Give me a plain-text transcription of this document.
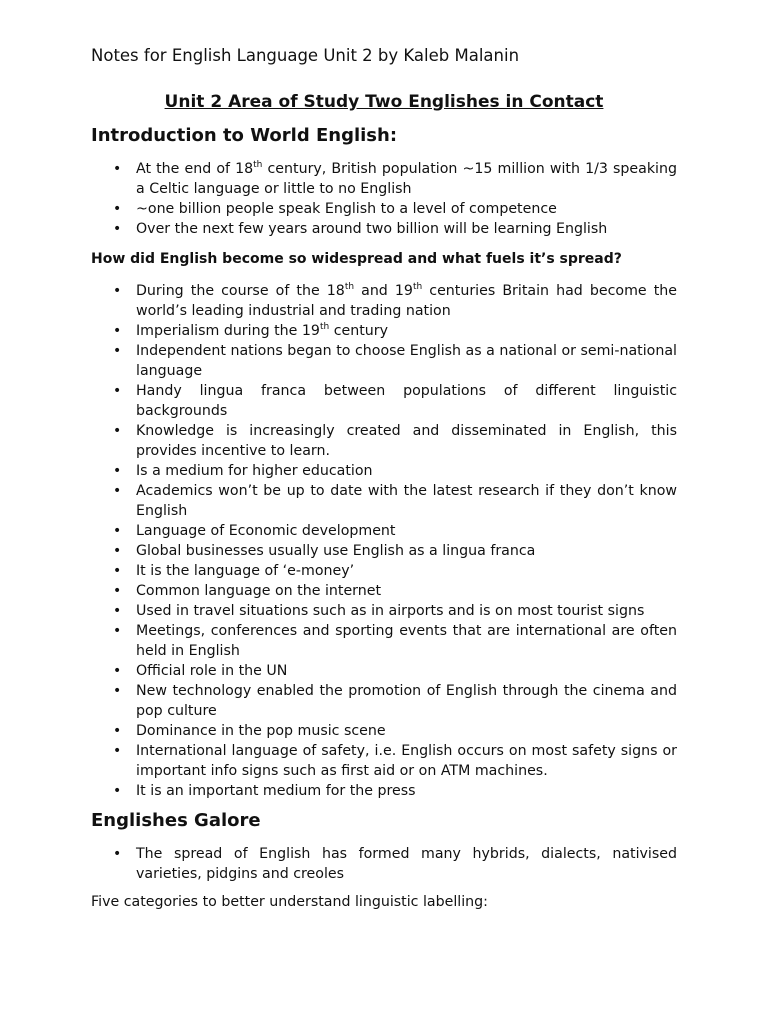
Notes for English Language Unit 2 by Kaleb Malanin

Unit 2 Area of Study Two Englishes in Contact
Introduction to World English:
• At the end of 18th century, British population ~15 million with 1/3 speaking a Celtic language or little to no English
• ~one billion people speak English to a level of competence
• Over the next few years around two billion will be learning English
How did English become so widespread and what fuels it’s spread?
• During the course of the 18th and 19th centuries Britain had become the world’s leading industrial and trading nation
• Imperialism during the 19th century
• Independent nations began to choose English as a national or semi-national language
• Handy lingua franca between populations of different linguistic backgrounds
• Knowledge is increasingly created and disseminated in English, this provides incentive to learn.
• Is a medium for higher education
• Academics won’t be up to date with the latest research if they don’t know English
• Language of Economic development
• Global businesses usually use English as a lingua franca
• It is the language of ‘e-money’
• Common language on the internet
• Used in travel situations such as in airports and is on most tourist signs
• Meetings, conferences and sporting events that are international are often held in English
• Official role in the UN
• New technology enabled the promotion of English through the cinema and pop culture
• Dominance in the pop music scene
• International language of safety, i.e. English occurs on most safety signs or important info signs such as first aid or on ATM machines.
• It is an important medium for the press
Englishes Galore
• The spread of English has formed many hybrids, dialects, nativised varieties, pidgins and creoles

Five categories to better understand linguistic labelling:
